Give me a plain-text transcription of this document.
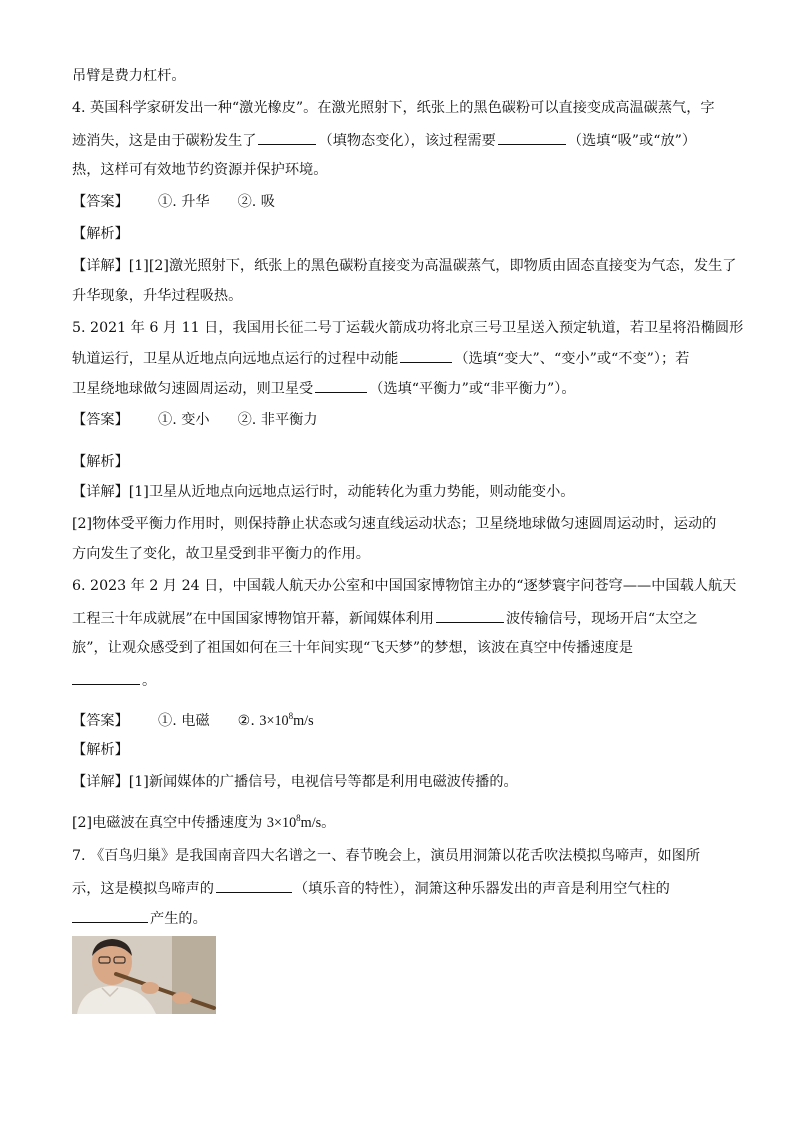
吊臂是费力杠杆。
4. 英国科学家研发出一种“激光橡皮”。在激光照射下，纸张上的黑色碳粉可以直接变成高温碳蒸气，字
迹消失，这是由于碳粉发生了	（填物态变化），该过程需要	（选填“吸”或“放”）
热，这样可有效地节约资源并保护环境。
【答案】 ①. 升华 ②. 吸
【解析】
【详解】[1][2]激光照射下，纸张上的黑色碳粉直接变为高温碳蒸气，即物质由固态直接变为气态，发生了
升华现象，升华过程吸热。
5. 2021 年 6 月 11 日，我国用长征二号丁运载火箭成功将北京三号卫星送入预定轨道，若卫星将沿椭圆形
轨道运行，卫星从近地点向远地点运行的过程中动能	（选填“变大”、“变小”或“不变”）；若
卫星绕地球做匀速圆周运动，则卫星受	（选填“平衡力”或“非平衡力”）。
【答案】 ①. 变小 ②. 非平衡力
【解析】
【详解】[1]卫星从近地点向远地点运行时，动能转化为重力势能，则动能变小。
[2]物体受平衡力作用时，则保持静止状态或匀速直线运动状态；卫星绕地球做匀速圆周运动时，运动的
方向发生了变化，故卫星受到非平衡力的作用。
6. 2023 年 2 月 24 日，中国载人航天办公室和中国国家博物馆主办的“逐梦寰宇问苍穹——中国载人航天
工程三十年成就展”在中国国家博物馆开幕，新闻媒体利用	波传输信号，现场开启“太空之
旅”，让观众感受到了祖国如何在三十年间实现“飞天梦”的梦想，该波在真空中传播速度是
。
【答案】 ①. 电磁 ②. $3\times 10^8m/s$
【解析】
【详解】[1]新闻媒体的广播信号，电视信号等都是利用电磁波传播的。
[2]电磁波在真空中传播速度为 $3\times 10^8m/s$。
7. 《百鸟归巢》是我国南音四大名谱之一、春节晚会上，演员用洞箫以花舌吹法模拟鸟啼声，如图所
示，这是模拟鸟啼声的	（填乐音的特性），洞箫这种乐器发出的声音是利用空气柱的
产生的。
